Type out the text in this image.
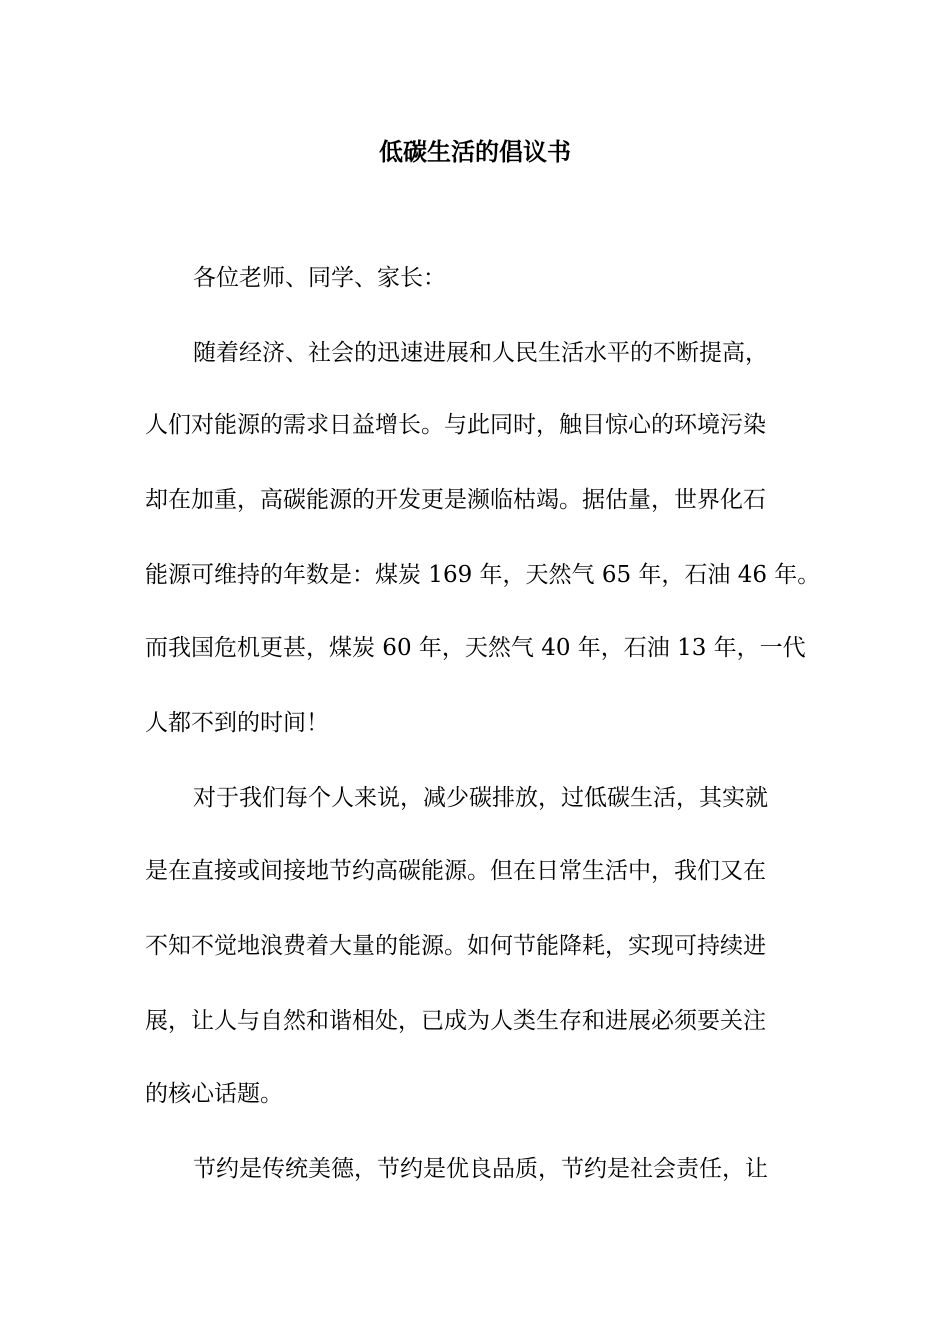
低碳生活的倡议书
各位老师、同学、家长：
随着经济、社会的迅速进展和人民生活水平的不断提高，
人们对能源的需求日益增长。与此同时，触目惊心的环境污染
却在加重，高碳能源的开发更是濒临枯竭。据估量，世界化石
能源可维持的年数是：煤炭 169 年，天然气 65 年，石油 46 年。
而我国危机更甚，煤炭 60 年，天然气 40 年，石油 13 年，一代
人都不到的时间！
对于我们每个人来说，减少碳排放，过低碳生活，其实就
是在直接或间接地节约高碳能源。但在日常生活中，我们又在
不知不觉地浪费着大量的能源。如何节能降耗，实现可持续进
展，让人与自然和谐相处，已成为人类生存和进展必须要关注
的核心话题。
节约是传统美德，节约是优良品质，节约是社会责任，让
